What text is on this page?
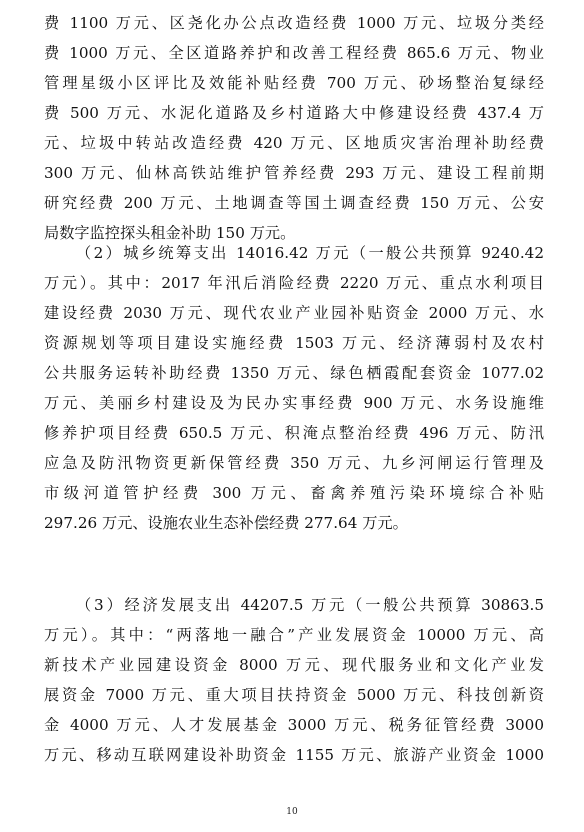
费 1100 万元、区尧化办公点改造经费 1000 万元、垃圾分类经
费 1000 万元、全区道路养护和改善工程经费 865.6 万元、物业
管理星级小区评比及效能补贴经费 700 万元、砂场整治复绿经
费 500 万元、水泥化道路及乡村道路大中修建设经费 437.4 万
元、垃圾中转站改造经费 420 万元、区地质灾害治理补助经费
300 万元、仙林高铁站维护管养经费 293 万元、建设工程前期
研究经费 200 万元、土地调查等国土调查经费 150 万元、公安
局数字监控探头租金补助 150 万元。
（2）城乡统筹支出 14016.42 万元（一般公共预算 9240.42
万元）。其中：2017 年汛后消险经费 2220 万元、重点水利项目
建设经费 2030 万元、现代农业产业园补贴资金 2000 万元、水
资源规划等项目建设实施经费 1503 万元、经济薄弱村及农村
公共服务运转补助经费 1350 万元、绿色栖霞配套资金 1077.02
万元、美丽乡村建设及为民办实事经费 900 万元、水务设施维
修养护项目经费 650.5 万元、积淹点整治经费 496 万元、防汛
应急及防汛物资更新保管经费 350 万元、九乡河闸运行管理及
市级河道管护经费 300 万元、畜禽养殖污染环境综合补贴
297.26 万元、设施农业生态补偿经费 277.64 万元。
（3）经济发展支出 44207.5 万元（一般公共预算 30863.5
万元）。其中：“两落地一融合”产业发展资金 10000 万元、高
新技术产业园建设资金 8000 万元、现代服务业和文化产业发
展资金 7000 万元、重大项目扶持资金 5000 万元、科技创新资
金 4000 万元、人才发展基金 3000 万元、税务征管经费 3000
万元、移动互联网建设补助资金 1155 万元、旅游产业资金 1000
10
